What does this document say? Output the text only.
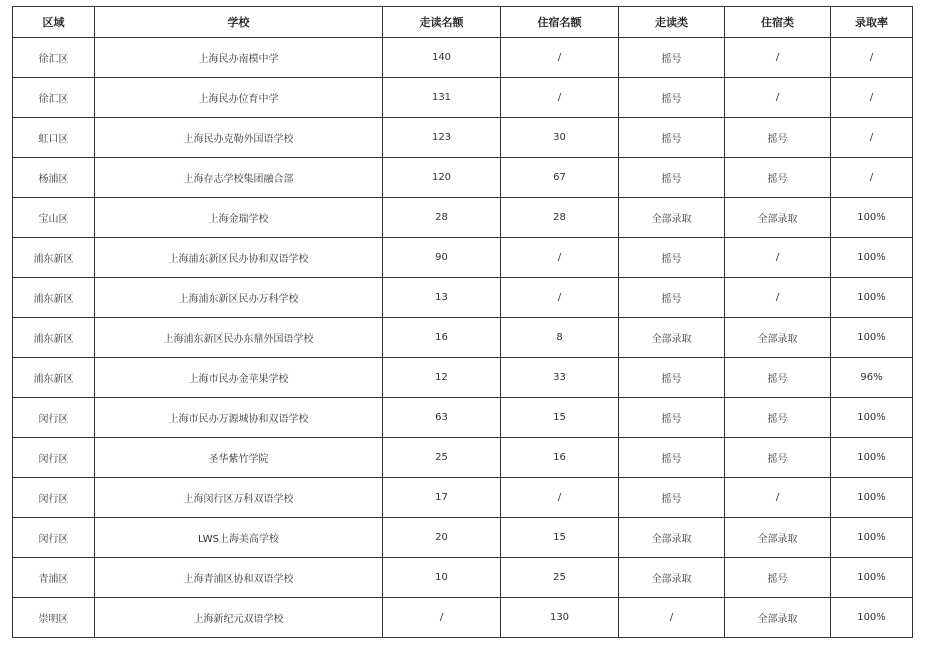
区域	学校	走读名额	住宿名额	走读类	住宿类	录取率
徐汇区	上海民办南模中学	140	/	摇号	/	/
徐汇区	上海民办位育中学	131	/	摇号	/	/
虹口区	上海民办克勒外国语学校	123	30	摇号	摇号	/
杨浦区	上海存志学校集团融合部	120	67	摇号	摇号	/
宝山区	上海金瑞学校	28	28	全部录取	全部录取	100%
浦东新区	上海浦东新区民办协和双语学校	90	/	摇号	/	100%
浦东新区	上海浦东新区民办万科学校	13	/	摇号	/	100%
浦东新区	上海浦东新区民办东鼎外国语学校	16	8	全部录取	全部录取	100%
浦东新区	上海市民办金苹果学校	12	33	摇号	摇号	96%
闵行区	上海市民办万源城协和双语学校	63	15	摇号	摇号	100%
闵行区	圣华紫竹学院	25	16	摇号	摇号	100%
闵行区	上海闵行区万科双语学校	17	/	摇号	/	100%
闵行区	LWS上海美高学校	20	15	全部录取	全部录取	100%
青浦区	上海青浦区协和双语学校	10	25	全部录取	摇号	100%
崇明区	上海新纪元双语学校	/	130	/	全部录取	100%
